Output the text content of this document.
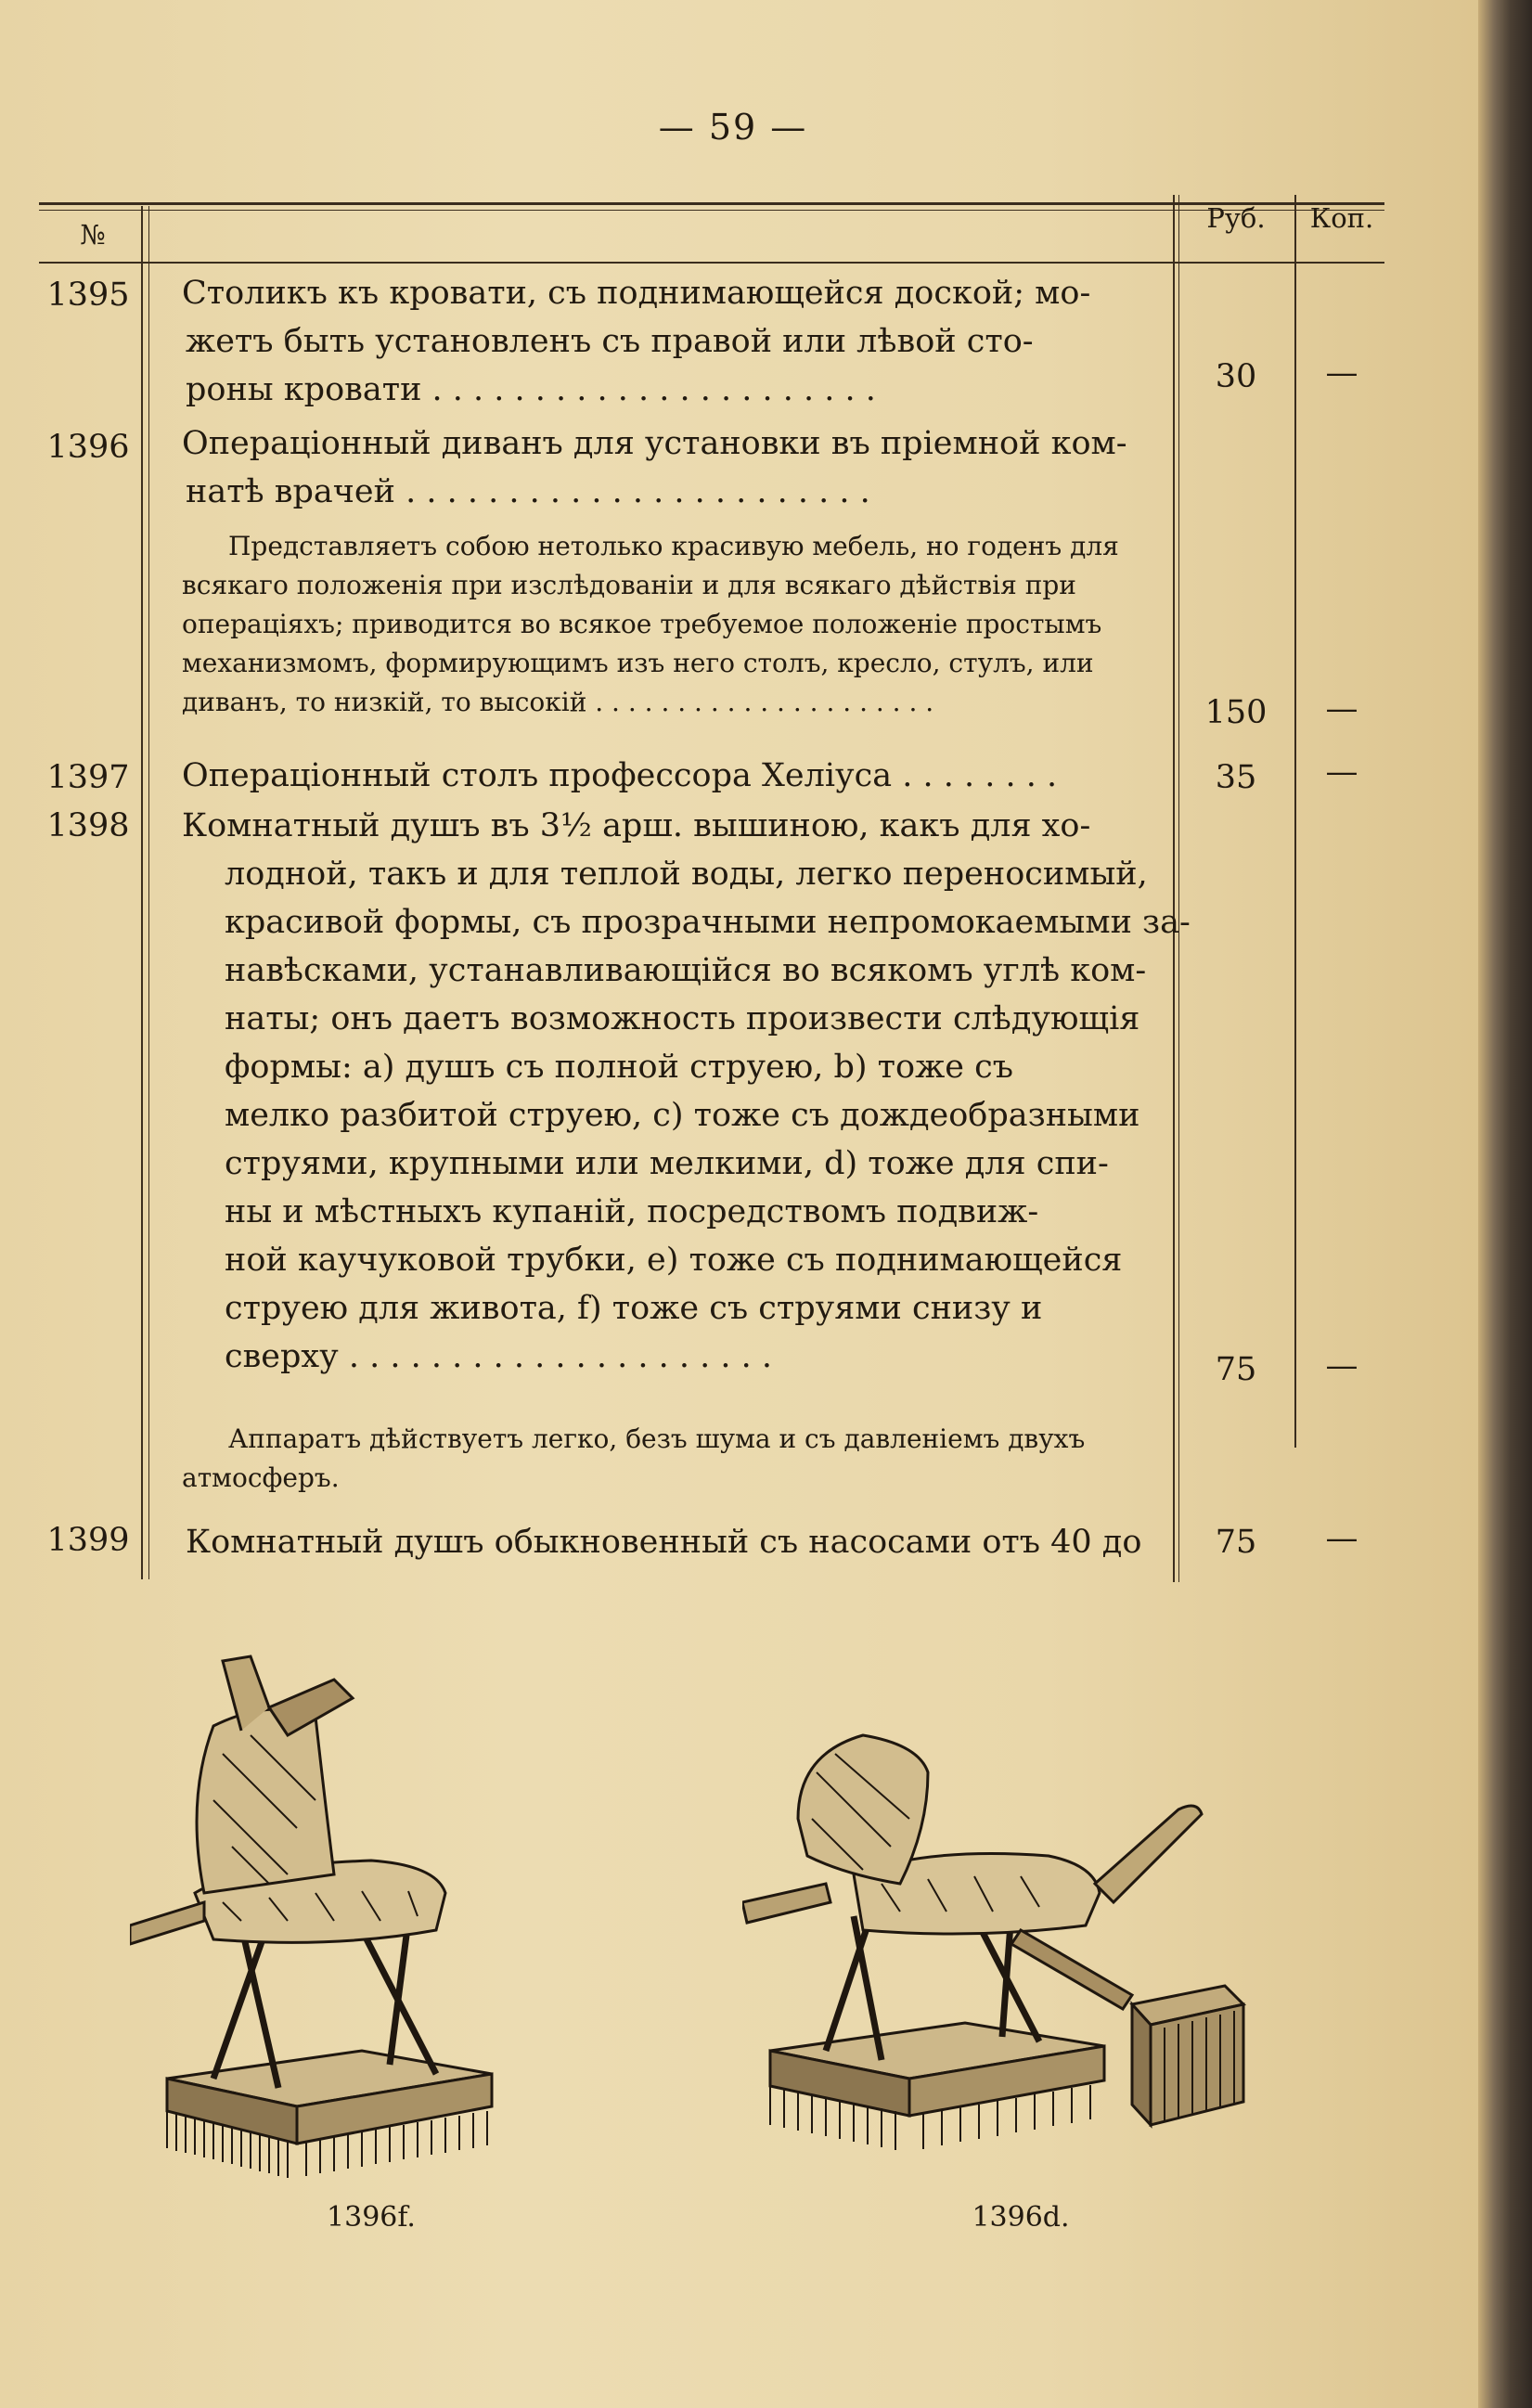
— 59 —
№
Руб.	Коп.
1395 Столикъ къ кровати, съ поднимающейся доской; мо-
жетъ быть установленъ съ правой или лѣвой сто-
роны кровати . . . . . . . . . . . . . . . . . . . . . .	30	—
1396 Операціонный диванъ для установки въ пріемной ком-
натѣ врачей . . . . . . . . . . . . . . . . . . . . . . .
Представляетъ собою нетолько красивую мебель, но годенъ для
всякаго положенія при изслѣдованіи и для всякаго дѣйствія при
операціяхъ; приводится во всякое требуемое положеніе простымъ
механизмомъ, формирующимъ изъ него столъ, кресло, стулъ, или
диванъ, то низкій, то высокій . . . . . . . . . . . . . . . . . . . . .	150	—
1397 Операціонный столъ профессора Хеліуса . . . . . . . .	35	—
1398 Комнатный душъ въ 3½ арш. вышиною, какъ для хо-
лодной, такъ и для теплой воды, легко переносимый,
красивой формы, съ прозрачными непромокаемыми за-
навѣсками, устанавливающійся во всякомъ углѣ ком-
наты; онъ даетъ возможность произвести слѣдующія
формы: a) душъ съ полной струею, b) тоже съ
мелко разбитой струею, c) тоже съ дождеобразными
струями, крупными или мелкими, d) тоже для спи-
ны и мѣстныхъ купаній, посредствомъ подвиж-
ной каучуковой трубки, e) тоже съ поднимающейся
струею для живота, f) тоже съ струями снизу и
сверху . . . . . . . . . . . . . . . . . . . . .	75	—
Аппаратъ дѣйствуетъ легко, безъ шума и съ давленіемъ двухъ
атмосферъ.
1399 Комнатный душъ обыкновенный съ насосами отъ 40 до	75	—
1396f.	1396d.
